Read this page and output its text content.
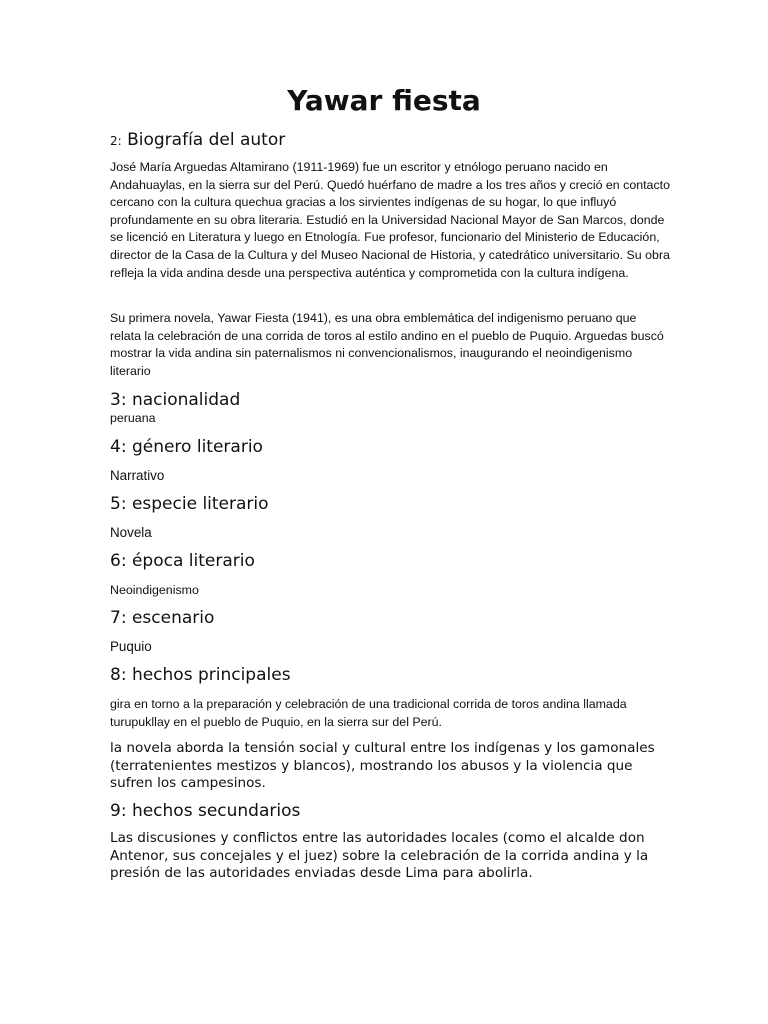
Yawar fiesta
2: Biografía del autor

José María Arguedas Altamirano (1911-1969) fue un escritor y etnólogo peruano nacido en Andahuaylas, en la sierra sur del Perú. Quedó huérfano de madre a los tres años y creció en contacto cercano con la cultura quechua gracias a los sirvientes indígenas de su hogar, lo que influyó profundamente en su obra literaria. Estudió en la Universidad Nacional Mayor de San Marcos, donde se licenció en Literatura y luego en Etnología. Fue profesor, funcionario del Ministerio de Educación, director de la Casa de la Cultura y del Museo Nacional de Historia, y catedrático universitario. Su obra refleja la vida andina desde una perspectiva auténtica y comprometida con la cultura indígena.

Su primera novela, Yawar Fiesta (1941), es una obra emblemática del indigenismo peruano que relata la celebración de una corrida de toros al estilo andino en el pueblo de Puquio. Arguedas buscó mostrar la vida andina sin paternalismos ni convencionalismos, inaugurando el neoindigenismo literario

3: nacionalidad

peruana

4: género literario

Narrativo

5: especie literario

Novela

6: época literario

Neoindigenismo

7: escenario

Puquio

8: hechos principales

gira en torno a la preparación y celebración de una tradicional corrida de toros andina llamada turupukllay en el pueblo de Puquio, en la sierra sur del Perú.

la novela aborda la tensión social y cultural entre los indígenas y los gamonales (terratenientes mestizos y blancos), mostrando los abusos y la violencia que sufren los campesinos.

9: hechos secundarios

Las discusiones y conflictos entre las autoridades locales (como el alcalde don Antenor, sus concejales y el juez) sobre la celebración de la corrida andina y la presión de las autoridades enviadas desde Lima para abolirla.
